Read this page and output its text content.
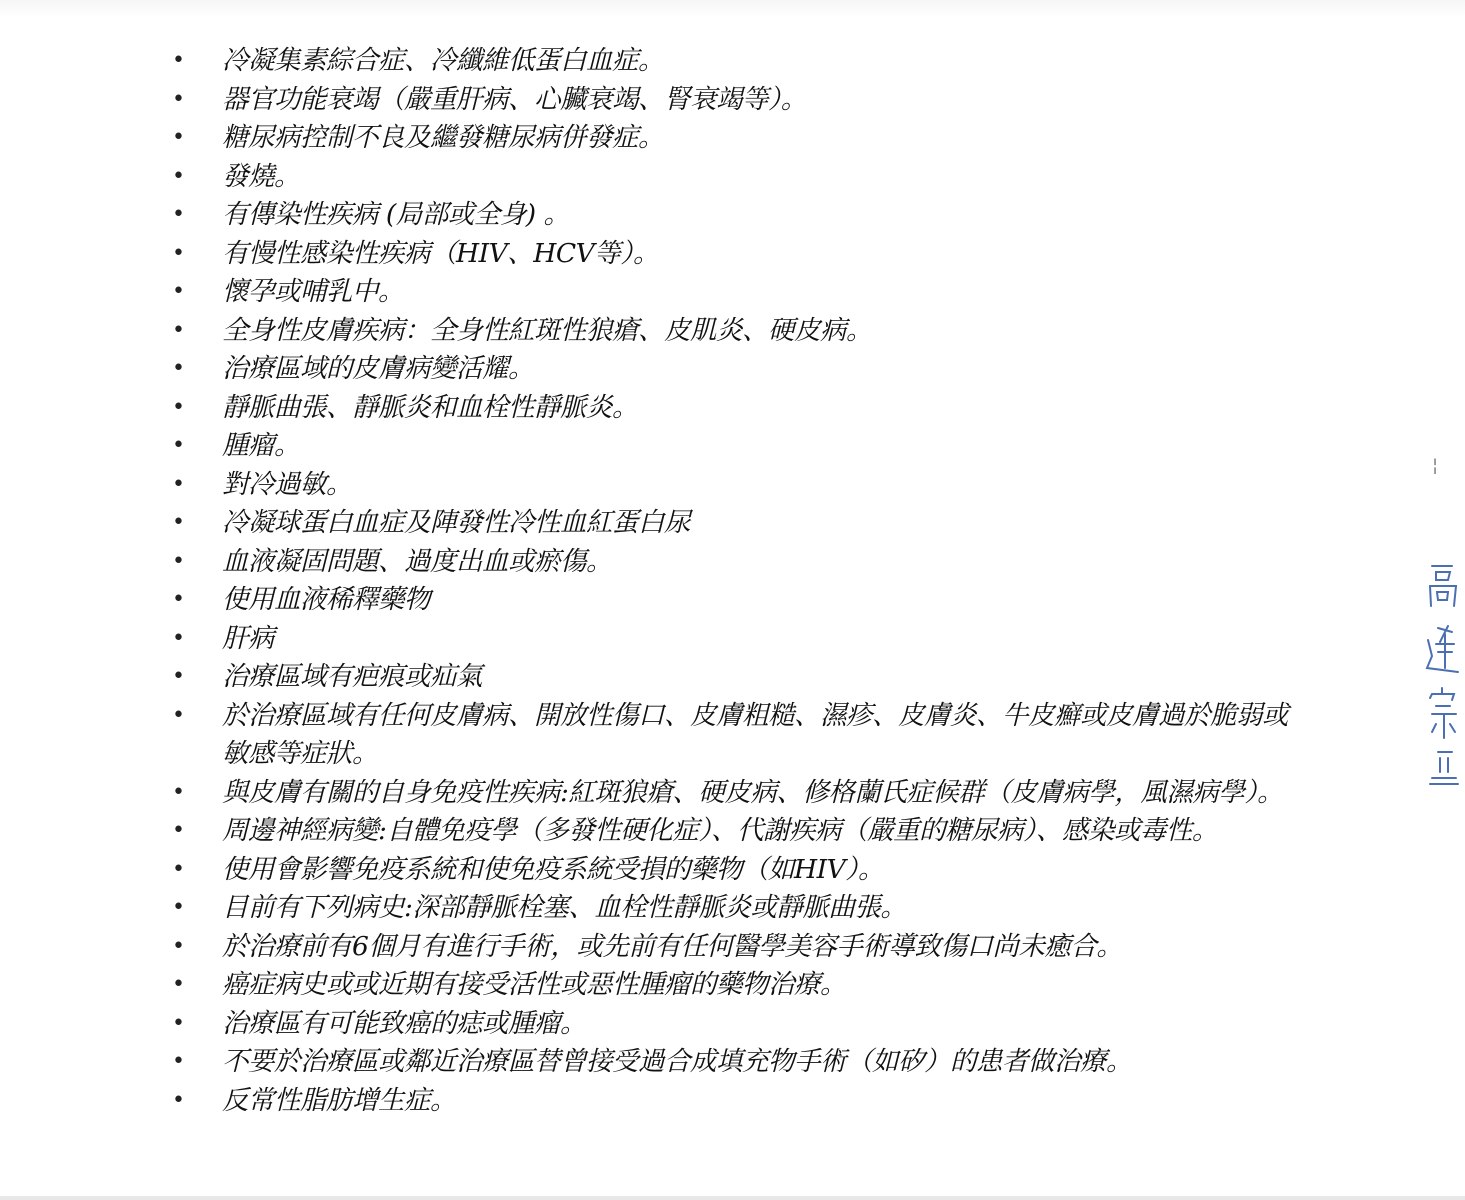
• 冷凝集素綜合症、冷纖維低蛋白血症。
• 器官功能衰竭（嚴重肝病、心臟衰竭、腎衰竭等）。
• 糖尿病控制不良及繼發糖尿病併發症。
• 發燒。
• 有傳染性疾病 (局部或全身) 。
• 有慢性感染性疾病（HIV、HCV等）。
• 懷孕或哺乳中。
• 全身性皮膚疾病：全身性紅斑性狼瘡、皮肌炎、硬皮病。
• 治療區域的皮膚病變活耀。
• 靜脈曲張、靜脈炎和血栓性靜脈炎。
• 腫瘤。
• 對冷過敏。
• 冷凝球蛋白血症及陣發性冷性血紅蛋白尿
• 血液凝固問題、過度出血或瘀傷。
• 使用血液稀釋藥物
• 肝病
• 治療區域有疤痕或疝氣
• 於治療區域有任何皮膚病、開放性傷口、皮膚粗糙、濕疹、皮膚炎、牛皮癬或皮膚過於脆弱或敏感等症狀。
• 與皮膚有關的自身免疫性疾病:紅斑狼瘡、硬皮病、修格蘭氏症候群（皮膚病學，風濕病學）。
• 周邊神經病變:自體免疫學（多發性硬化症）、代謝疾病（嚴重的糖尿病）、感染或毒性。
• 使用會影響免疫系統和使免疫系統受損的藥物（如HIV）。
• 目前有下列病史:深部靜脈栓塞、血栓性靜脈炎或靜脈曲張。
• 於治療前有6個月有進行手術，或先前有任何醫學美容手術導致傷口尚未癒合。
• 癌症病史或或近期有接受活性或惡性腫瘤的藥物治療。
• 治療區有可能致癌的痣或腫瘤。
• 不要於治療區或鄰近治療區替曾接受過合成填充物手術（如矽）的患者做治療。
• 反常性脂肪增生症。
¦
